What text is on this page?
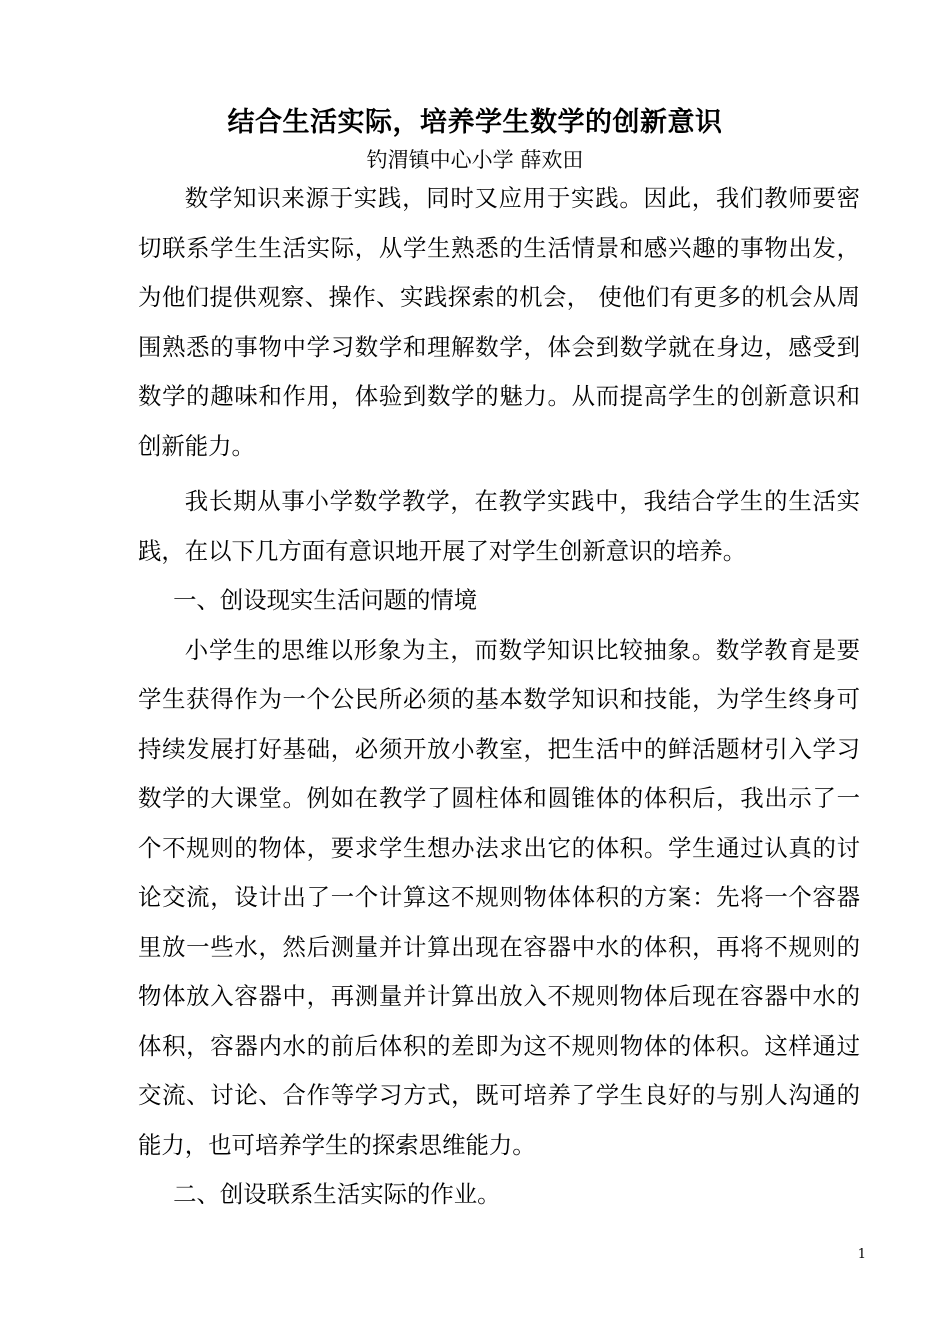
结合生活实际，培养学生数学的创新意识
钓渭镇中心小学 薛欢田

数学知识来源于实践，同时又应用于实践。因此，我们教师要密切联系学生生活实际，从学生熟悉的生活情景和感兴趣的事物出发，为他们提供观察、操作、实践探索的机会， 使他们有更多的机会从周围熟悉的事物中学习数学和理解数学，体会到数学就在身边，感受到数学的趣味和作用，体验到数学的魅力。从而提高学生的创新意识和创新能力。

我长期从事小学数学教学，在教学实践中，我结合学生的生活实践，在以下几方面有意识地开展了对学生创新意识的培养。

一、创设现实生活问题的情境

小学生的思维以形象为主，而数学知识比较抽象。数学教育是要学生获得作为一个公民所必须的基本数学知识和技能，为学生终身可持续发展打好基础，必须开放小教室，把生活中的鲜活题材引入学习数学的大课堂。例如在教学了圆柱体和圆锥体的体积后，我出示了一个不规则的物体，要求学生想办法求出它的体积。学生通过认真的讨论交流，设计出了一个计算这不规则物体体积的方案：先将一个容器里放一些水，然后测量并计算出现在容器中水的体积，再将不规则的物体放入容器中，再测量并计算出放入不规则物体后现在容器中水的体积，容器内水的前后体积的差即为这不规则物体的体积。这样通过交流、讨论、合作等学习方式，既可培养了学生良好的与别人沟通的能力，也可培养学生的探索思维能力。

二、创设联系生活实际的作业。

1
